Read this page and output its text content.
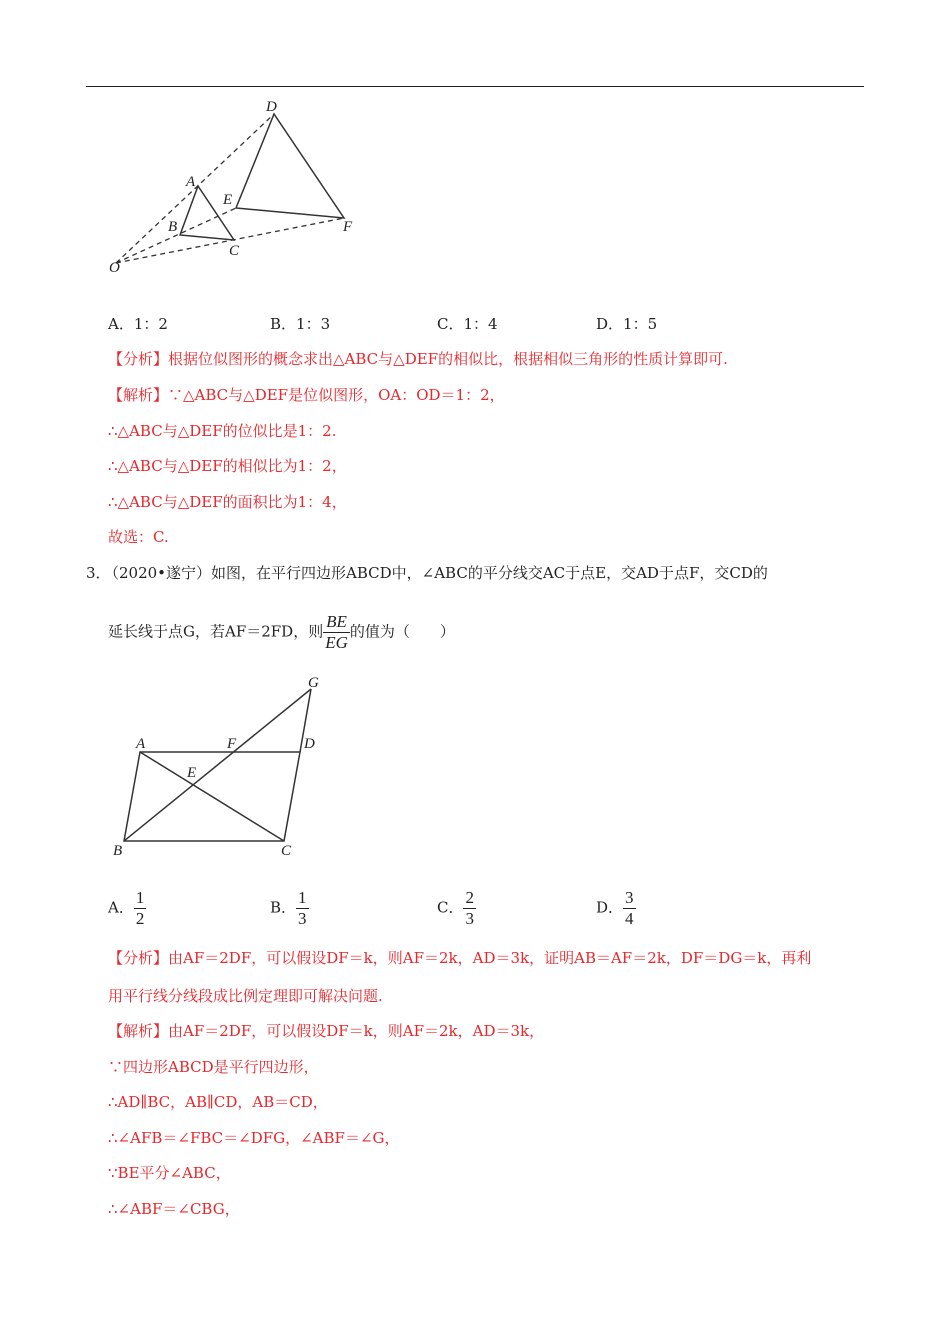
D
A
E
B
C
F
O
A．1：2	B．1：3	C．1：4	D．1：5
【分析】根据位似图形的概念求出△ABC与△DEF的相似比，根据相似三角形的性质计算即可.
【解析】∵△ABC与△DEF是位似图形，OA：OD＝1：2，
∴△ABC与△DEF的位似比是1：2.
∴△ABC与△DEF的相似比为1：2，
∴△ABC与△DEF的面积比为1：4，
故选：C.
3．
（2020•遂宁）如图，在平行四边形ABCD中，∠ABC的平分线交AC于点E，交AD于点F，交CD的
延长线于点G，若AF＝2FD，则 $\frac{BE}{EG}$ 的值为（　　）
G
A	F	D
E
B	C
A． $\frac{1}{2}$	B． $\frac{1}{3}$	C． $\frac{2}{3}$	D． $\frac{3}{4}$
【分析】由AF＝2DF，可以假设DF＝k，则AF＝2k，AD＝3k，证明AB＝AF＝2k，DF＝DG＝k，再利
用平行线分线段成比例定理即可解决问题.
【解析】由AF＝2DF，可以假设DF＝k，则AF＝2k，AD＝3k，
∵四边形ABCD是平行四边形，
∴AD∥BC，AB∥CD，AB＝CD，
∴∠AFB＝∠FBC＝∠DFG，∠ABF＝∠G，
∵BE平分∠ABC，
∴∠ABF＝∠CBG，
